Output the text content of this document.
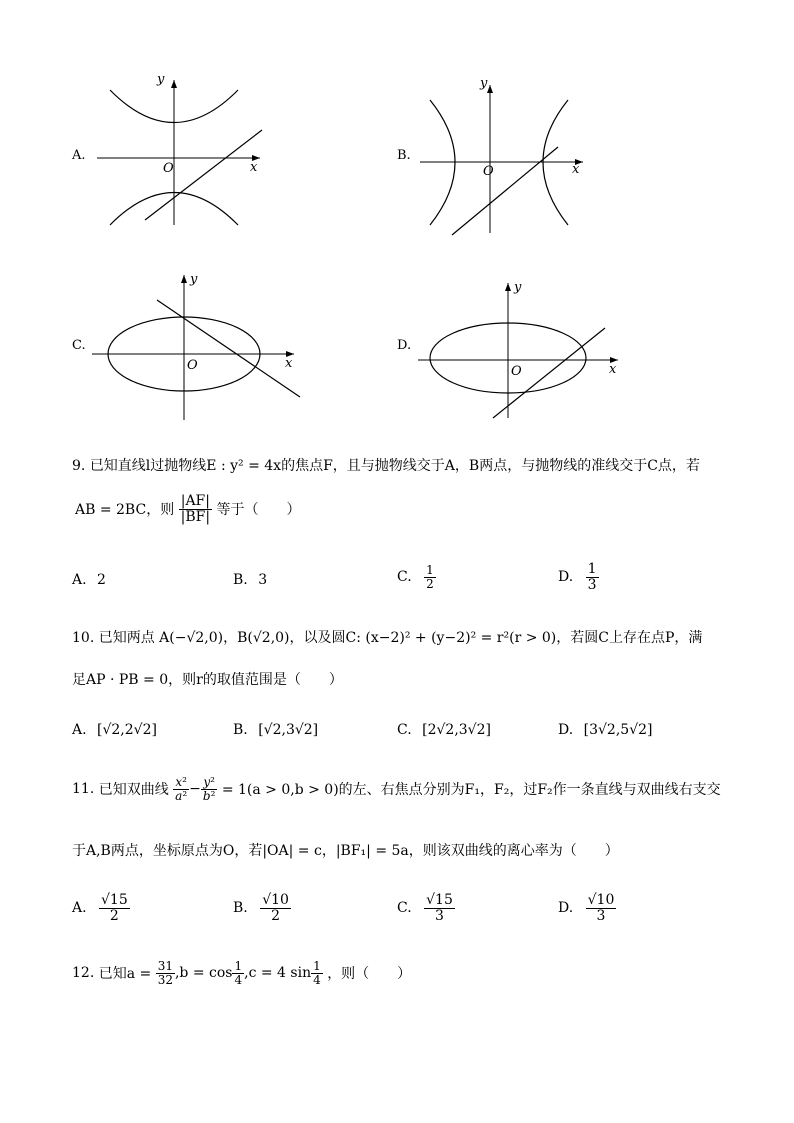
A.
y
x
O
B.
y
x
O
C.
y
x
O
D.
y
x
O
9. 已知直线l过抛物线E : y² = 4x的焦点F，且与抛物线交于A，B两点，与抛物线的准线交于C点，若
AB = 2BC，则 $\frac{|AF|}{|BF|}$ 等于（　　）
A. 2	B. 3	C. $\frac{1}{2}$	D. $\frac{1}{3}$
10. 已知两点 A(−√2,0)，B(√2,0)，以及圆C: (x−2)² + (y−2)² = r²(r > 0)，若圆C上存在点P，满
足AP · PB = 0，则r的取值范围是（　　）
A. [√2,2√2]	B. [√2,3√2]	C. [2√2,3√2]	D. [3√2,5√2]
11. 已知双曲线 $\frac{\text{x²}}{\text{a²}} - \frac{\text{y²}}{\text{b²}} = 1(a > 0,b > 0)$的左、右焦点分别为F₁，F₂，过F₂作一条直线与双曲线右支交
于A,B两点，坐标原点为O，若|OA| = c，|BF₁| = 5a，则该双曲线的离心率为（　　）
A. $\frac{√15}{2}$	B. $\frac{√10}{2}$	C. $\frac{√15}{3}$	D. $\frac{√10}{3}$
12. 已知$a = \frac{31}{32} ,b = \cos \frac{1}{4} ,c = 4$ $\sin \frac{1}{4}$ ，则（　　）
